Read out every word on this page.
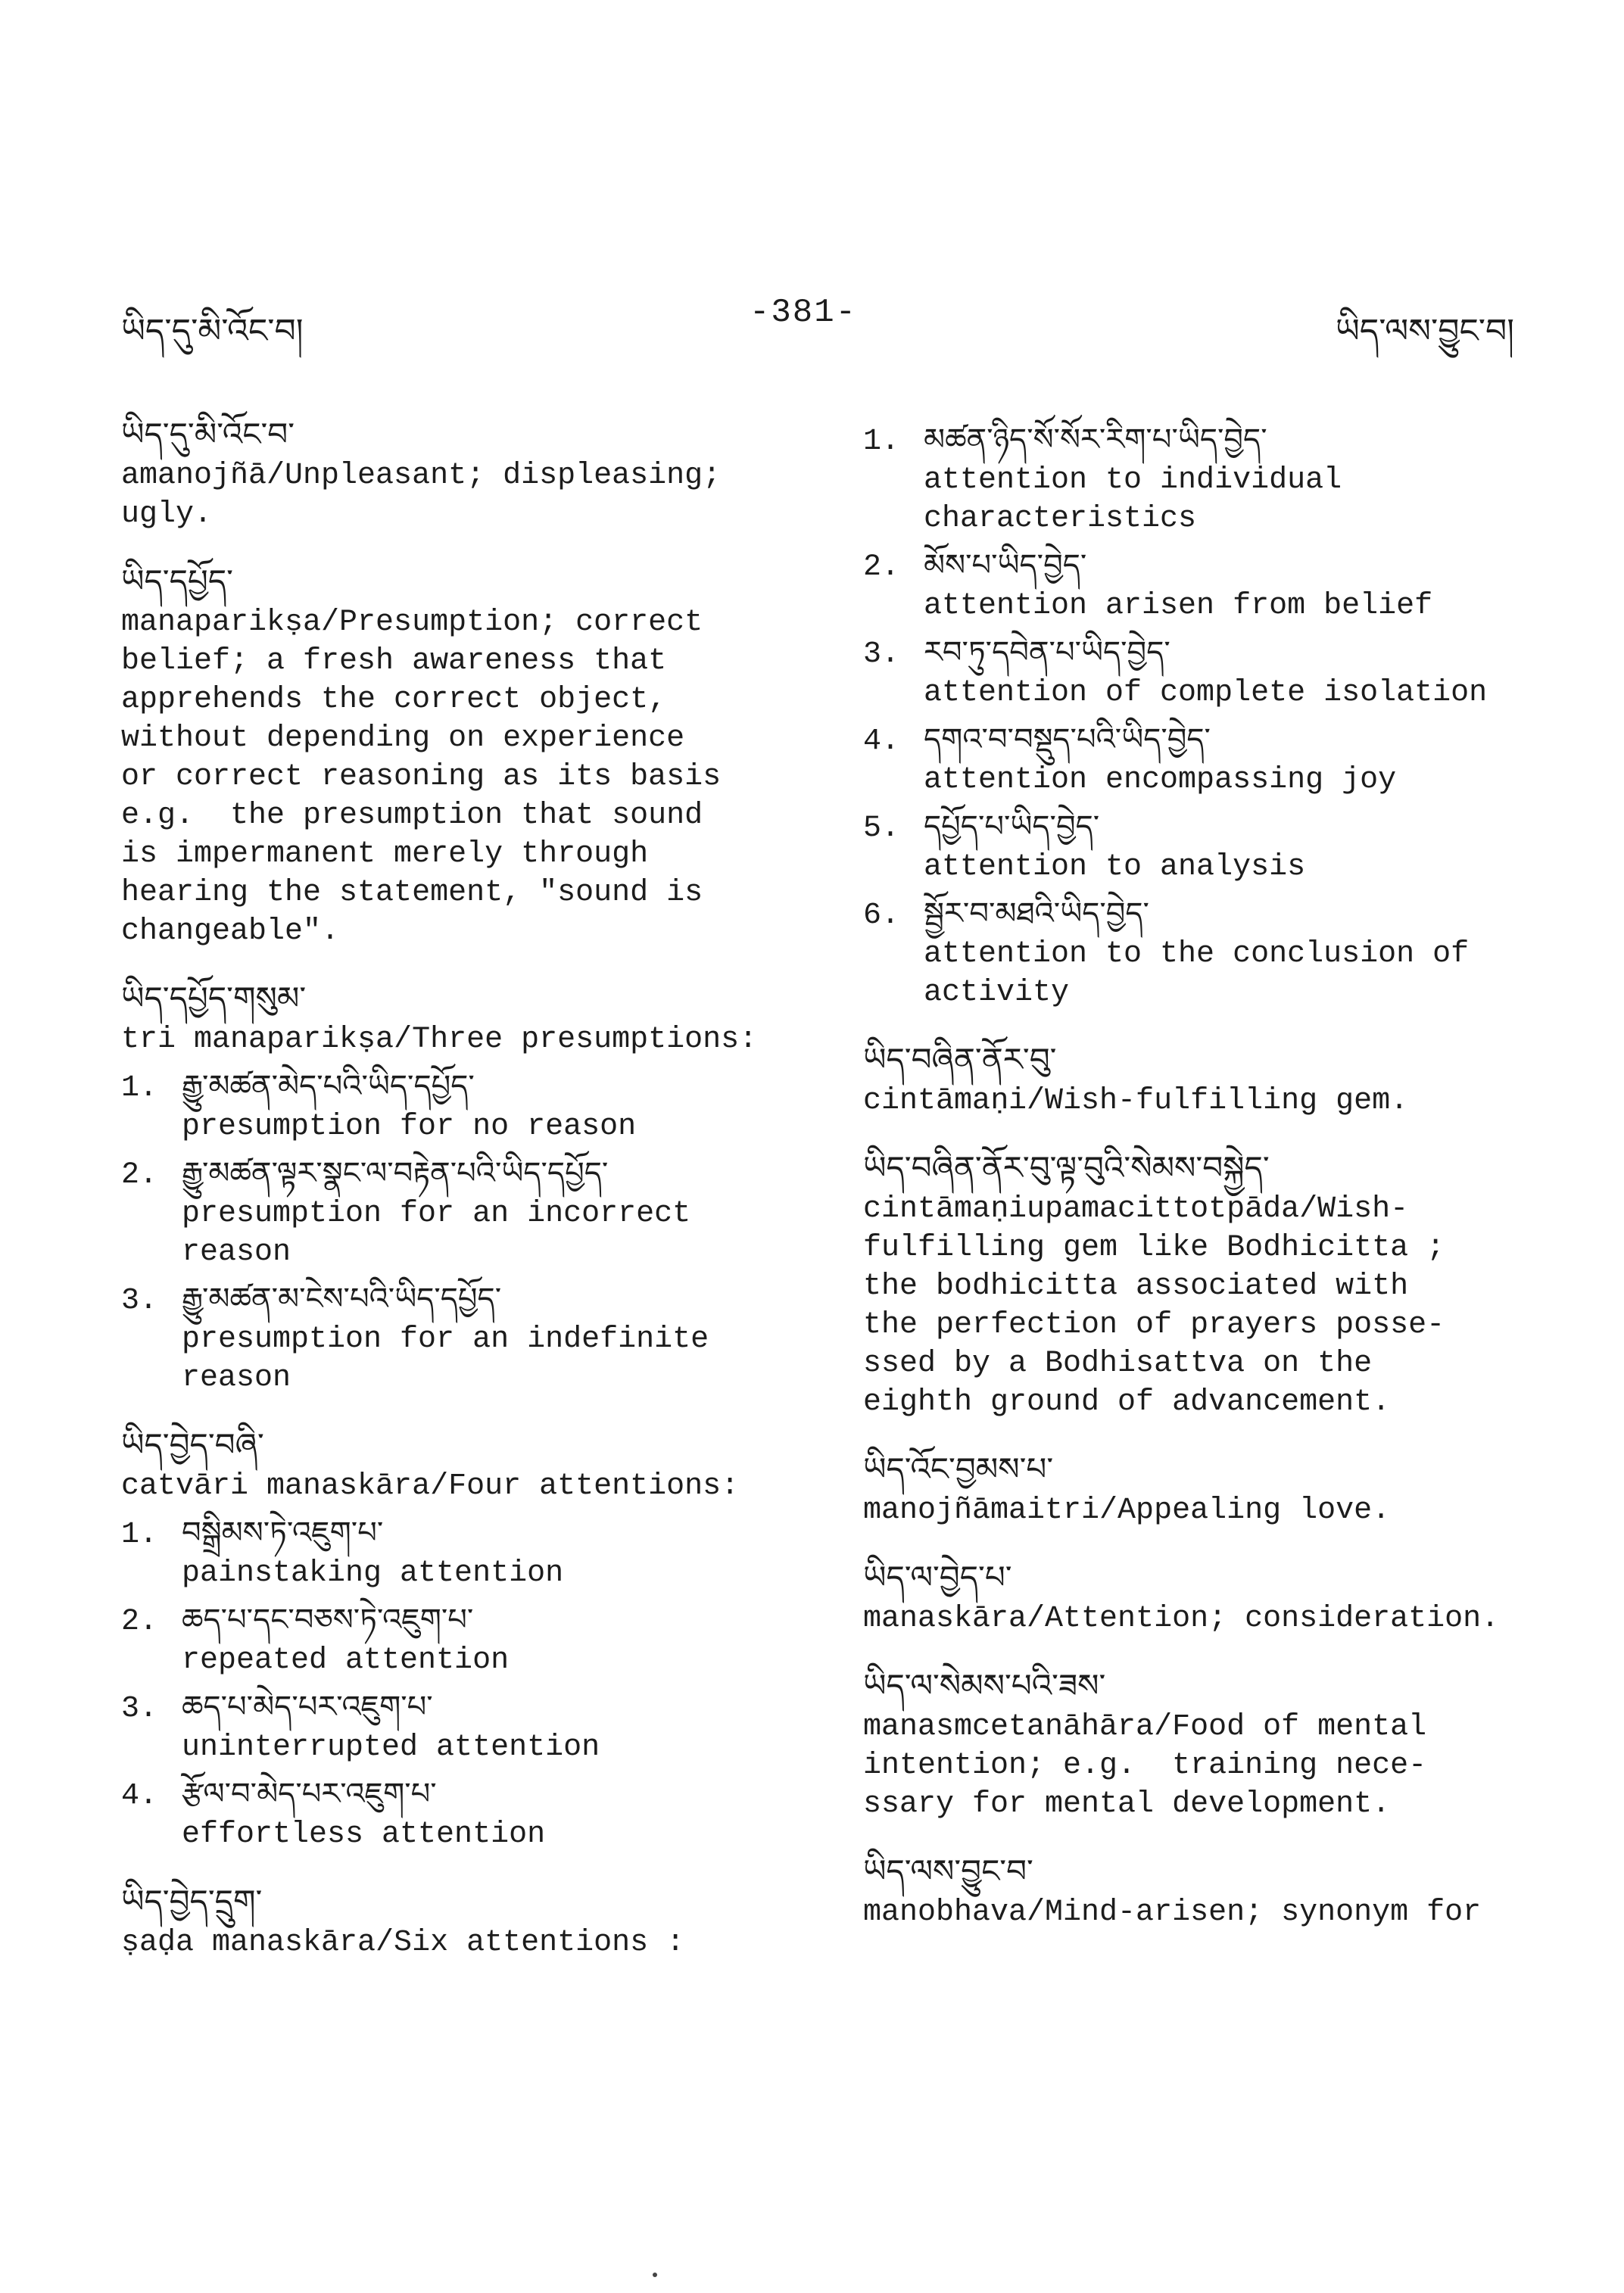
ཡིད་དུ་མི་འོང་བ།	-381-	ཡིད་ལས་བྱུང་བ།
ཡིད་དུ་མི་འོང་བ་

amanojñā/Unpleasant; displeasing;
ugly.

ཡིད་དཔྱོད་

manaparikṣa/Presumption; correct
belief; a fresh awareness that
apprehends the correct object,
without depending on experience
or correct reasoning as its basis
e.g.  the presumption that sound
is impermanent merely through
hearing the statement, "sound is
changeable".

ཡིད་དཔྱོད་གསུམ་

tri manaparikṣa/Three presumptions:

1. རྒྱུ་མཚན་མེད་པའི་ཡིད་དཔྱོད་

presumption for no reason

2. རྒྱུ་མཚན་ལྟར་སྣང་ལ་བརྟེན་པའི་ཡིད་དཔྱོད་

presumption for an incorrect
reason

3. རྒྱུ་མཚན་མ་ངེས་པའི་ཡིད་དཔྱོད་

presumption for an indefinite
reason

ཡིད་བྱེད་བཞི་

catvāri manaskāra/Four attentions:

1. བསྒྲིམས་ཏེ་འཇུག་པ་

painstaking attention

2. ཆད་པ་དང་བཅས་ཏེ་འཇུག་པ་

repeated attention

3. ཆད་པ་མེད་པར་འཇུག་པ་

uninterrupted attention

4. རྩོལ་བ་མེད་པར་འཇུག་པ་

effortless attention

ཡིད་བྱེད་དྲུག་

ṣaḍa manaskāra/Six attentions :

1. མཚན་ཉིད་སོ་སོར་རིག་པ་ཡིད་བྱེད་

attention to individual
characteristics

2. མོས་པ་ཡིད་བྱེད་

attention arisen from belief

3. རབ་ཏུ་དབེན་པ་ཡིད་བྱེད་

attention of complete isolation

4. དགའ་བ་བསྡུད་པའི་ཡིད་བྱེད་

attention encompassing joy

5. དཔྱོད་པ་ཡིད་བྱེད་

attention to analysis

6. སྦྱོར་བ་མཐའི་ཡིད་བྱེད་

attention to the conclusion of
activity

ཡིད་བཞིན་ནོར་བུ་

cintāmaṇi/Wish-fulfilling gem.

ཡིད་བཞིན་ནོར་བུ་ལྟ་བུའི་སེམས་བསྐྱེད་

cintāmaṇiupamacittotpāda/Wish-
fulfilling gem like Bodhicitta ;
the bodhicitta associated with
the perfection of prayers posse-
ssed by a Bodhisattva on the
eighth ground of advancement.

ཡིད་འོང་བྱམས་པ་

manojñāmaitri/Appealing love.

ཡིད་ལ་བྱེད་པ་

manaskāra/Attention; consideration.

ཡིད་ལ་སེམས་པའི་ཟས་

manasmcetanāhāra/Food of mental
intention; e.g.  training nece-
ssary for mental development.

ཡིད་ལས་བྱུང་བ་

manobhava/Mind-arisen; synonym for
